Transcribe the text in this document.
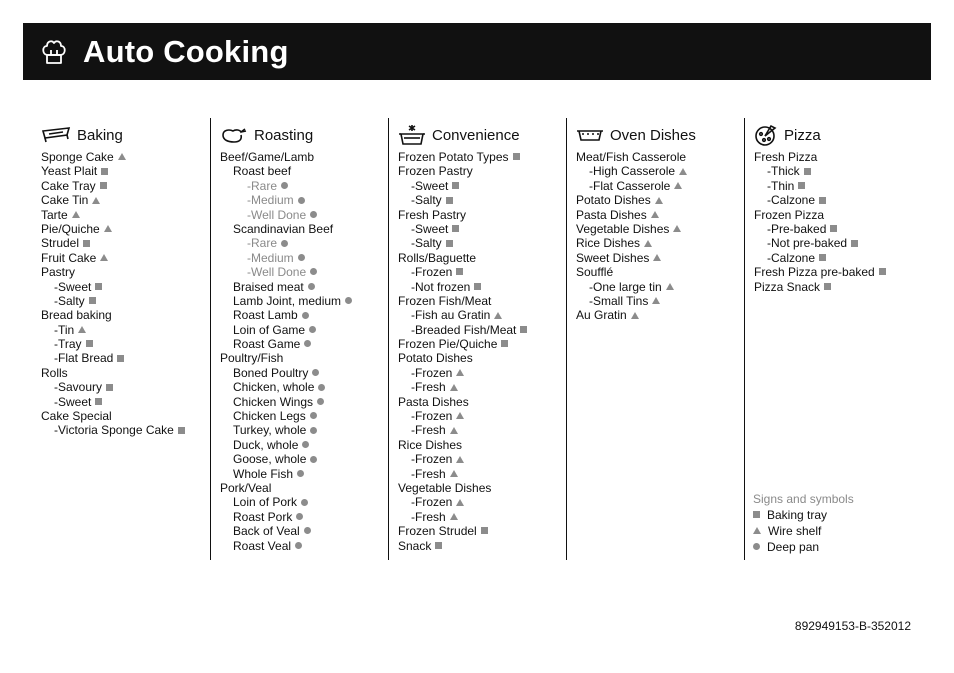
Auto Cooking
Baking
Sponge Cake
Yeast Plait
Cake Tray
Cake Tin
Tarte
Pie/Quiche
Strudel
Fruit Cake
Pastry
-Sweet
-Salty
Bread baking
-Tin
-Tray
-Flat Bread
Rolls
-Savoury
-Sweet
Cake Special
-Victoria Sponge Cake
Roasting
Beef/Game/Lamb
Roast beef
-Rare
-Medium
-Well Done
Scandinavian Beef
-Rare
-Medium
-Well Done
Braised meat
Lamb Joint, medium
Roast Lamb
Loin of Game
Roast Game
Poultry/Fish
Boned Poultry
Chicken, whole
Chicken Wings
Chicken Legs
Turkey, whole
Duck, whole
Goose, whole
Whole Fish
Pork/Veal
Loin of Pork
Roast Pork
Back of Veal
Roast Veal
Convenience
Frozen Potato Types
Frozen Pastry
-Sweet
-Salty
Fresh Pastry
-Sweet
-Salty
Rolls/Baguette
-Frozen
-Not frozen
Frozen Fish/Meat
-Fish au Gratin
-Breaded Fish/Meat
Frozen Pie/Quiche
Potato Dishes
-Frozen
-Fresh
Pasta Dishes
-Frozen
-Fresh
Rice Dishes
-Frozen
-Fresh
Vegetable Dishes
-Frozen
-Fresh
Frozen Strudel
Snack
Oven Dishes
Meat/Fish Casserole
-High Casserole
-Flat Casserole
Potato Dishes
Pasta Dishes
Vegetable Dishes
Rice Dishes
Sweet Dishes
Soufflé
-One large tin
-Small Tins
Au Gratin
Pizza
Fresh Pizza
-Thick
-Thin
-Calzone
Frozen Pizza
-Pre-baked
-Not pre-baked
-Calzone
Fresh Pizza pre-baked
Pizza Snack
Signs and symbols
Baking tray
Wire shelf
Deep pan
892949153-B-352012
